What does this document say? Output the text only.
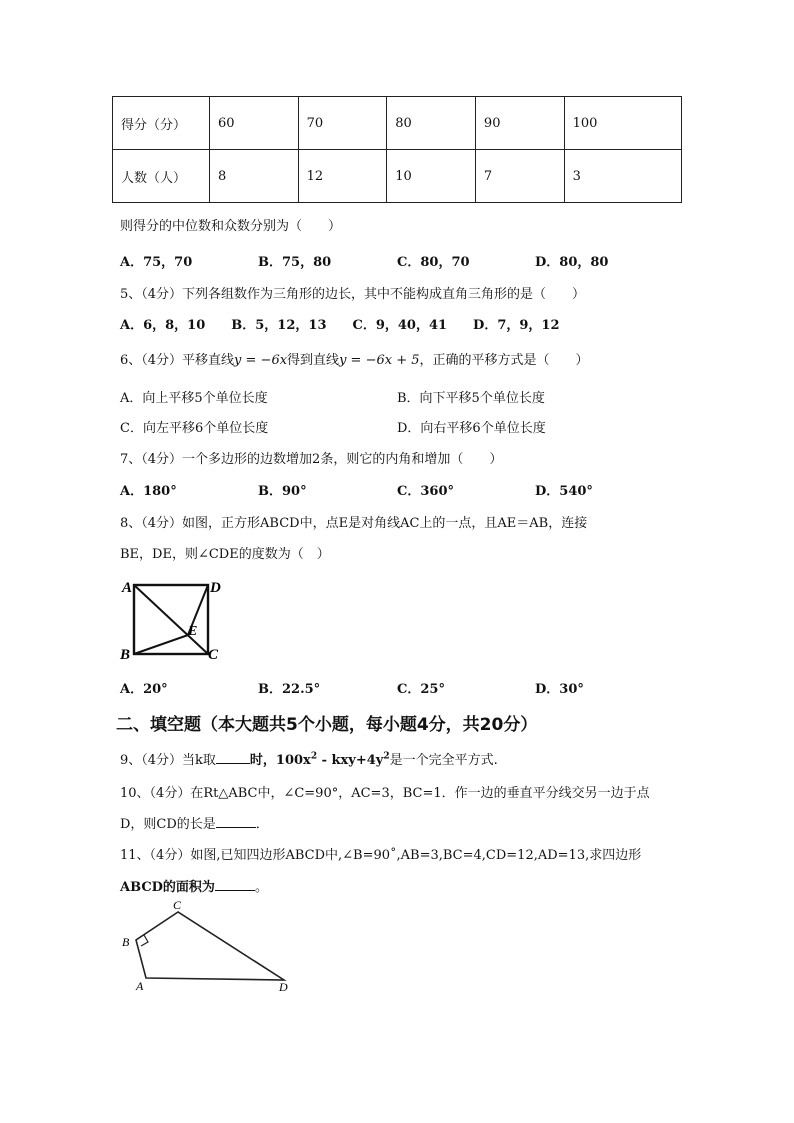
得分（分）	60	70	80	90	100
人数（人）	8	12	10	7	3
则得分的中位数和众数分别为（　　）
A．75，70	B．75，80	C．80，70	D．80，80
5、（4分）下列各组数作为三角形的边长，其中不能构成直角三角形的是（　　）
A．6，8，10　　B．5，12，13　　C．9，40，41　　D．7，9，12
6、（4分）平移直线y = −6x得到直线y = −6x + 5，正确的平移方式是（　　）
A．向上平移5个单位长度	B．向下平移5个单位长度
C．向左平移6个单位长度	D．向右平移6个单位长度
7、（4分）一个多边形的边数增加2条，则它的内角和增加（　　）
A．180°	B．90°	C．360°	D．540°
8、（4分）如图，正方形ABCD中，点E是对角线AC上的一点，且AE＝AB，连接
BE，DE，则∠CDE的度数为（　）
A	D
B	C
E
A．20°	B．22.5°	C．25°	D．30°
二、填空题（本大题共5个小题，每小题4分，共20分）
9、（4分）当k取	时，$100x^2 - kxy+4y^2$是一个完全平方式.
10、（4分）在Rt△ABC中，∠C=90°，AC=3，BC=1．作一边的垂直平分线交另一边于点
D，则CD的长是	．
11、（4分）如图,已知四边形ABCD中,∠B=90˚,AB=3,BC=4,CD=12,AD=13,求四边形
ABCD的面积为	。
C
B
A	D
